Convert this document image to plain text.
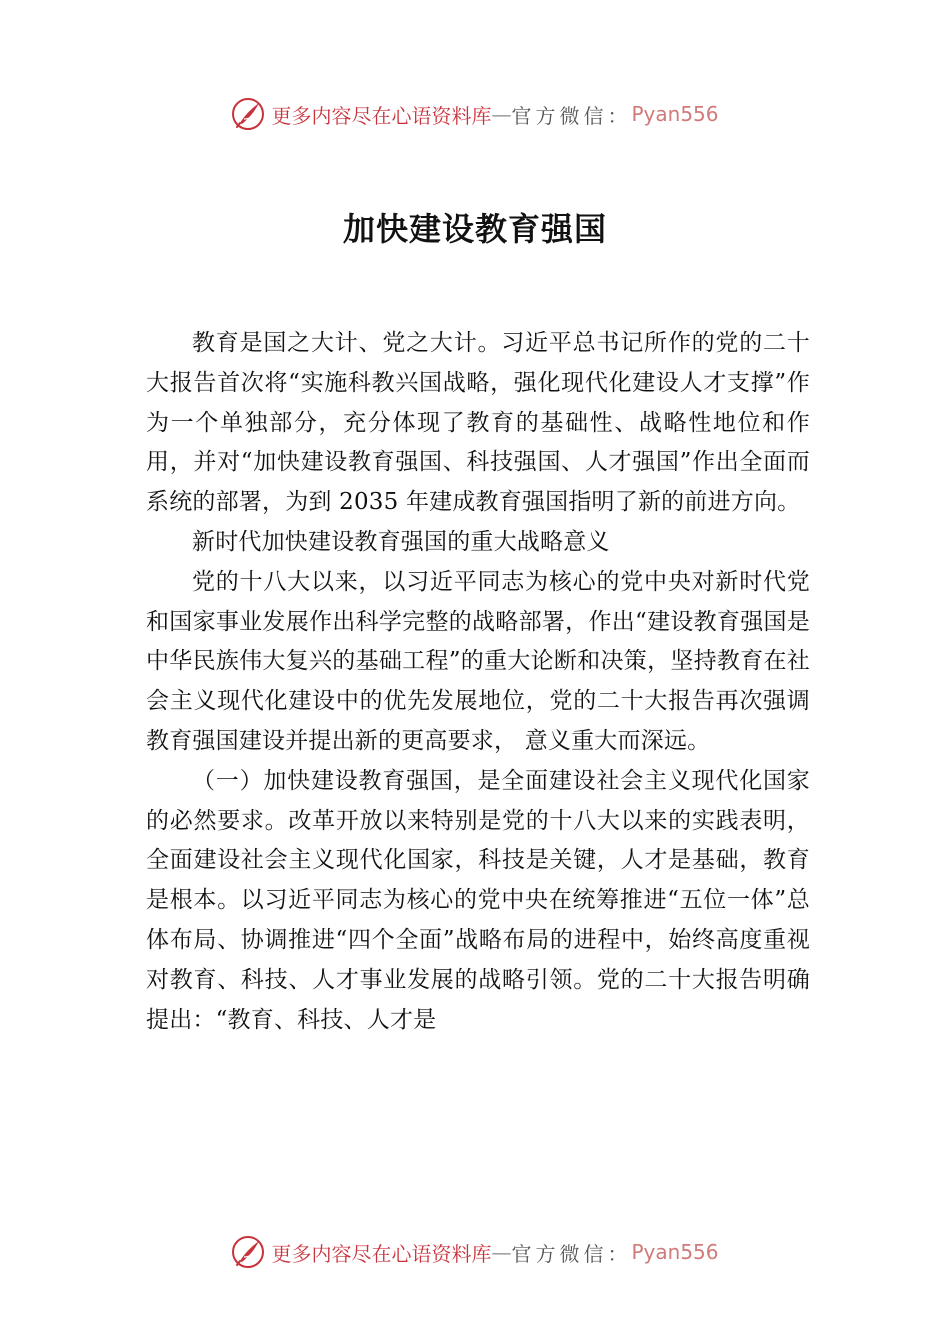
更多内容尽在心语资料库 — 官方微信： Pyan556
加快建设教育强国

教育是国之大计、党之大计。习近平总书记所作的党的二十大报告首次将“实施科教兴国战略，强化现代化建设人才支撑”作为一个单独部分，充分体现了教育的基础性、战略性地位和作用，并对“加快建设教育强国、科技强国、人才强国”作出全面而系统的部署，为到 2035 年建成教育强国指明了新的前进方向。

新时代加快建设教育强国的重大战略意义

党的十八大以来，以习近平同志为核心的党中央对新时代党和国家事业发展作出科学完整的战略部署，作出“建设教育强国是中华民族伟大复兴的基础工程”的重大论断和决策，坚持教育在社会主义现代化建设中的优先发展地位，党的二十大报告再次强调教育强国建设并提出新的更高要求， 意义重大而深远。

（一）加快建设教育强国，是全面建设社会主义现代化国家的必然要求。改革开放以来特别是党的十八大以来的实践表明，全面建设社会主义现代化国家，科技是关键，人才是基础，教育是根本。以习近平同志为核心的党中央在统筹推进“五位一体”总体布局、协调推进“四个全面”战略布局的进程中，始终高度重视对教育、科技、人才事业发展的战略引领。党的二十大报告明确提出：“教育、科技、人才是

更多内容尽在心语资料库 — 官方微信： Pyan556
